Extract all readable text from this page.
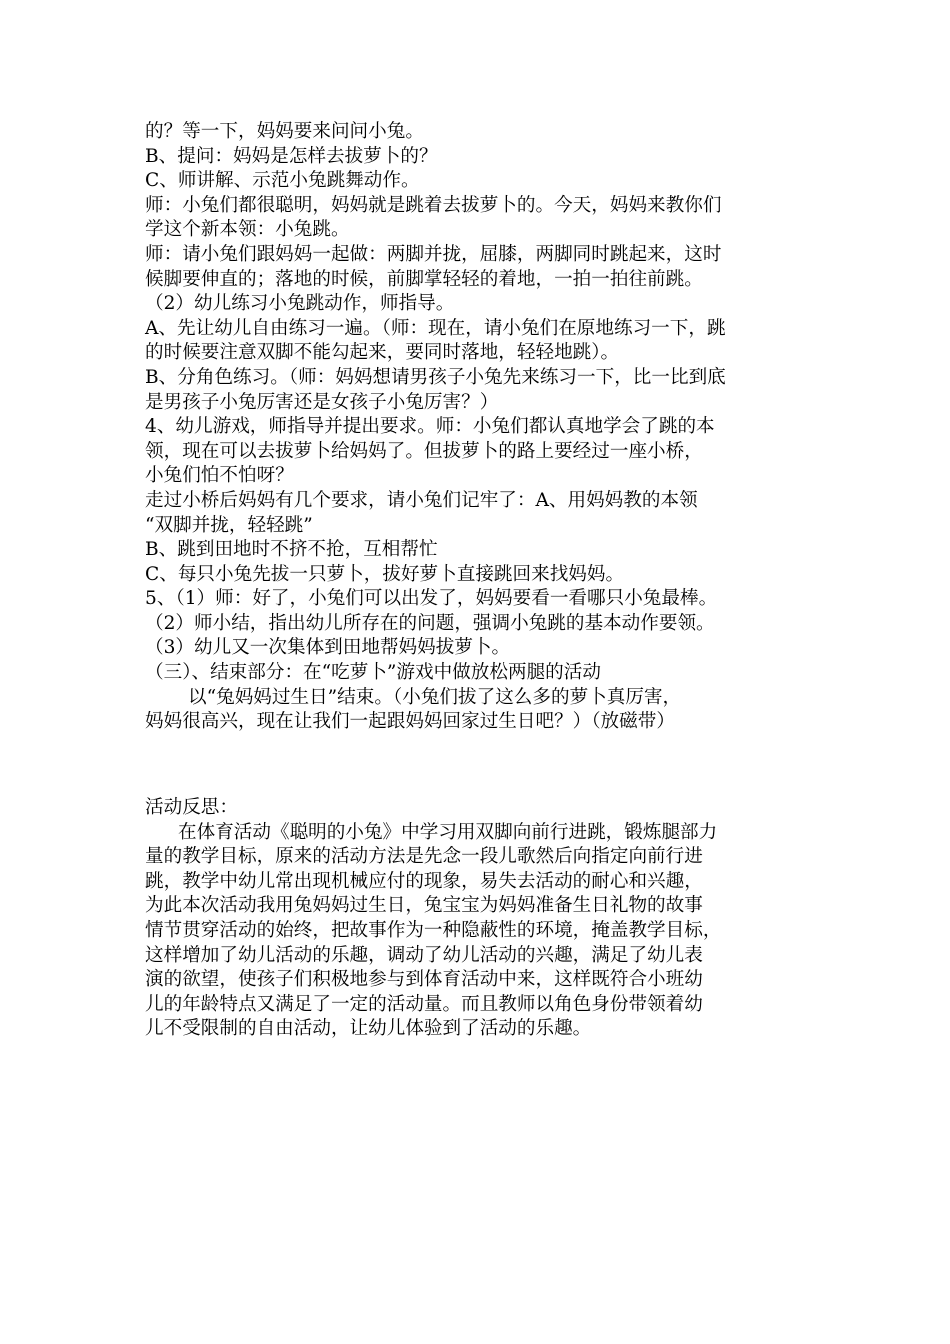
的？等一下，妈妈要来问问小兔。
B、提问：妈妈是怎样去拔萝卜的？
C、师讲解、示范小兔跳舞动作。
师：小兔们都很聪明，妈妈就是跳着去拔萝卜的。今天，妈妈来教你们
学这个新本领：小兔跳。
师：请小兔们跟妈妈一起做：两脚并拢，屈膝，两脚同时跳起来，这时
候脚要伸直的；落地的时候，前脚掌轻轻的着地，一拍一拍往前跳。
（2）幼儿练习小兔跳动作，师指导。
A、先让幼儿自由练习一遍。（师：现在，请小兔们在原地练习一下，跳
的时候要注意双脚不能勾起来，要同时落地，轻轻地跳）。
B、分角色练习。（师：妈妈想请男孩子小兔先来练习一下，比一比到底
是男孩子小兔厉害还是女孩子小兔厉害？）
4、幼儿游戏，师指导并提出要求。师：小兔们都认真地学会了跳的本
领，现在可以去拔萝卜给妈妈了。但拔萝卜的路上要经过一座小桥，
小兔们怕不怕呀？
走过小桥后妈妈有几个要求，请小兔们记牢了：A、用妈妈教的本领
“双脚并拢，轻轻跳”
B、跳到田地时不挤不抢，互相帮忙
C、每只小兔先拔一只萝卜，拔好萝卜直接跳回来找妈妈。
5、（1）师：好了，小兔们可以出发了，妈妈要看一看哪只小兔最棒。
（2）师小结，指出幼儿所存在的问题，强调小兔跳的基本动作要领。
（3）幼儿又一次集体到田地帮妈妈拔萝卜。
（三）、结束部分：在“吃萝卜”游戏中做放松两腿的活动
以“兔妈妈过生日”结束。（小兔们拔了这么多的萝卜真厉害，
妈妈很高兴，现在让我们一起跟妈妈回家过生日吧？）（放磁带）
活动反思：
在体育活动《聪明的小兔》中学习用双脚向前行进跳，锻炼腿部力
量的教学目标，原来的活动方法是先念一段儿歌然后向指定向前行进
跳，教学中幼儿常出现机械应付的现象，易失去活动的耐心和兴趣，
为此本次活动我用兔妈妈过生日，兔宝宝为妈妈准备生日礼物的故事
情节贯穿活动的始终，把故事作为一种隐蔽性的环境，掩盖教学目标，
这样增加了幼儿活动的乐趣，调动了幼儿活动的兴趣，满足了幼儿表
演的欲望，使孩子们积极地参与到体育活动中来，这样既符合小班幼
儿的年龄特点又满足了一定的活动量。而且教师以角色身份带领着幼
儿不受限制的自由活动，让幼儿体验到了活动的乐趣。
